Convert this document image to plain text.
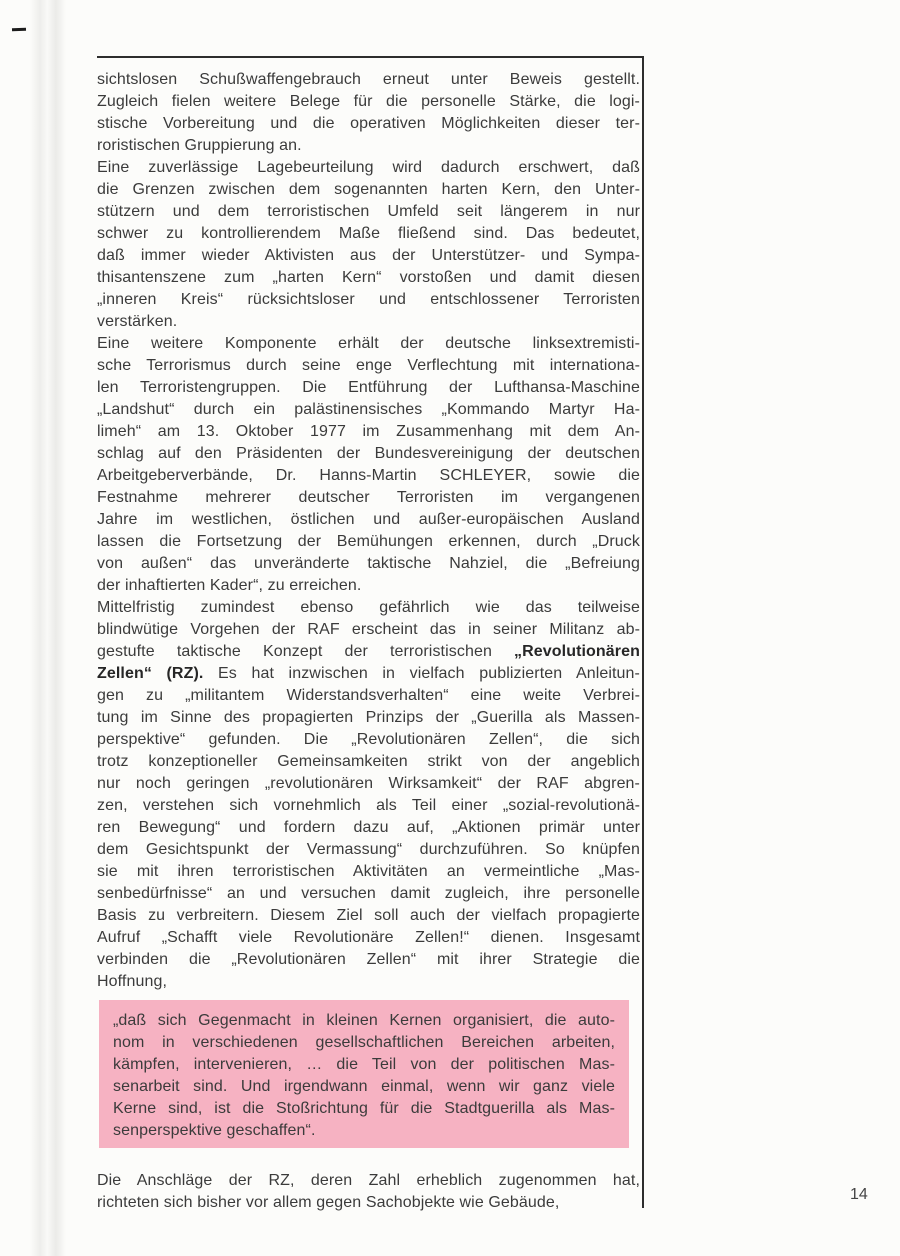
sichtslosen Schußwaffengebrauch erneut unter Beweis gestellt.
Zugleich fielen weitere Belege für die personelle Stärke, die logi-
stische Vorbereitung und die operativen Möglichkeiten dieser ter-
roristischen Gruppierung an.
Eine zuverlässige Lagebeurteilung wird dadurch erschwert, daß
die Grenzen zwischen dem sogenannten harten Kern, den Unter-
stützern und dem terroristischen Umfeld seit längerem in nur
schwer zu kontrollierendem Maße fließend sind. Das bedeutet,
daß immer wieder Aktivisten aus der Unterstützer- und Sympa-
thisantenszene zum „harten Kern“ vorstoßen und damit diesen
„inneren Kreis“ rücksichtsloser und entschlossener Terroristen
verstärken.
Eine weitere Komponente erhält der deutsche linksextremisti-
sche Terrorismus durch seine enge Verflechtung mit internationa-
len Terroristengruppen. Die Entführung der Lufthansa-Maschine
„Landshut“ durch ein palästinensisches „Kommando Martyr Ha-
limeh“ am 13. Oktober 1977 im Zusammenhang mit dem An-
schlag auf den Präsidenten der Bundesvereinigung der deutschen
Arbeitgeberverbände, Dr. Hanns-Martin SCHLEYER, sowie die
Festnahme mehrerer deutscher Terroristen im vergangenen
Jahre im westlichen, östlichen und außer-europäischen Ausland
lassen die Fortsetzung der Bemühungen erkennen, durch „Druck
von außen“ das unveränderte taktische Nahziel, die „Befreiung
der inhaftierten Kader“, zu erreichen.
Mittelfristig zumindest ebenso gefährlich wie das teilweise
blindwütige Vorgehen der RAF erscheint das in seiner Militanz ab-
gestufte taktische Konzept der terroristischen „Revolutionären
Zellen“ (RZ). Es hat inzwischen in vielfach publizierten Anleitun-
gen zu „militantem Widerstandsverhalten“ eine weite Verbrei-
tung im Sinne des propagierten Prinzips der „Guerilla als Massen-
perspektive“ gefunden. Die „Revolutionären Zellen“, die sich
trotz konzeptioneller Gemeinsamkeiten strikt von der angeblich
nur noch geringen „revolutionären Wirksamkeit“ der RAF abgren-
zen, verstehen sich vornehmlich als Teil einer „sozial-revolutionä-
ren Bewegung“ und fordern dazu auf, „Aktionen primär unter
dem Gesichtspunkt der Vermassung“ durchzuführen. So knüpfen
sie mit ihren terroristischen Aktivitäten an vermeintliche „Mas-
senbedürfnisse“ an und versuchen damit zugleich, ihre personelle
Basis zu verbreitern. Diesem Ziel soll auch der vielfach propagierte
Aufruf „Schafft viele Revolutionäre Zellen!“ dienen. Insgesamt
verbinden die „Revolutionären Zellen“ mit ihrer Strategie die
Hoffnung,
„daß sich Gegenmacht in kleinen Kernen organisiert, die auto-
nom in verschiedenen gesellschaftlichen Bereichen arbeiten,
kämpfen, intervenieren, … die Teil von der politischen Mas-
senarbeit sind. Und irgendwann einmal, wenn wir ganz viele
Kerne sind, ist die Stoßrichtung für die Stadtguerilla als Mas-
senperspektive geschaffen“.
Die Anschläge der RZ, deren Zahl erheblich zugenommen hat,
richteten sich bisher vor allem gegen Sachobjekte wie Gebäude,	14
